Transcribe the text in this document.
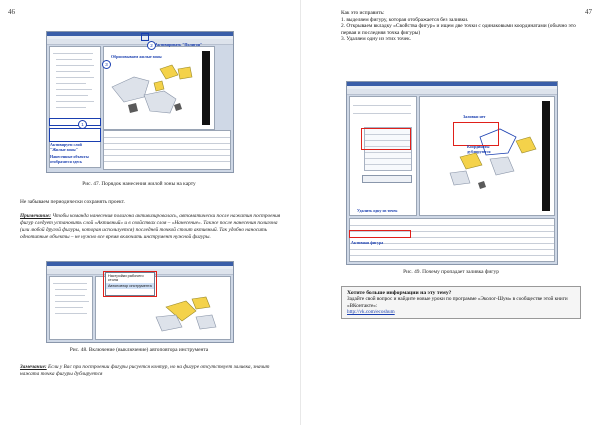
46
2
3
1
Активировать "Полигон"
Обрисовываем жилые зоны
Активируем слой "Жилые зоны"
Нанесенные объекты отобразятся здесь
Рис. 47. Порядок нанесения жилой зоны на карту
Не забываем периодически сохранять проект.
Примечание: Чтобы команда нанесения полигона активизировалась, автоматически после нажатия построения фигур следует установить слой «Активный» и в свойствах слоя – «Нанесение». Также после нанесения полигона (или любой другой фигуры, которая используется) последней точкой стоит активный. Так удобно наносить однотипные объекты – не нужно все время включать инструмент нужной фигуры.
Настройки рабочего стола
Автоповтор инструмента
Рис. 48. Включение (выключение) автоповтора инструмента
Замечание: Если у Вас при построении фигуры рисуется контур, но на фигуре отсутствует заливка, значит нажата точка фигуры дублируется
47
Как это исправить:
1. выделяем фигуру, которая отображается без заливки.
2. Открываем вкладку «Свойства фигур» и ищем две точки с одинаковыми координатами (обычно это первая и последняя точка фигуры)
3. Удаляем одну из этих точек.
Заливки нет
Координаты дублируются
Удалить одну из точек
Активная фигура
Рис. 49. Почему пропадает заливка фигур
Хотите больше информации на эту тему?
Задайте свой вопрос и найдите новые уроки по программе «Эколог-Шум» в сообществе этой книги «ВКонтакте»:
http://vk.com/ecoshum
